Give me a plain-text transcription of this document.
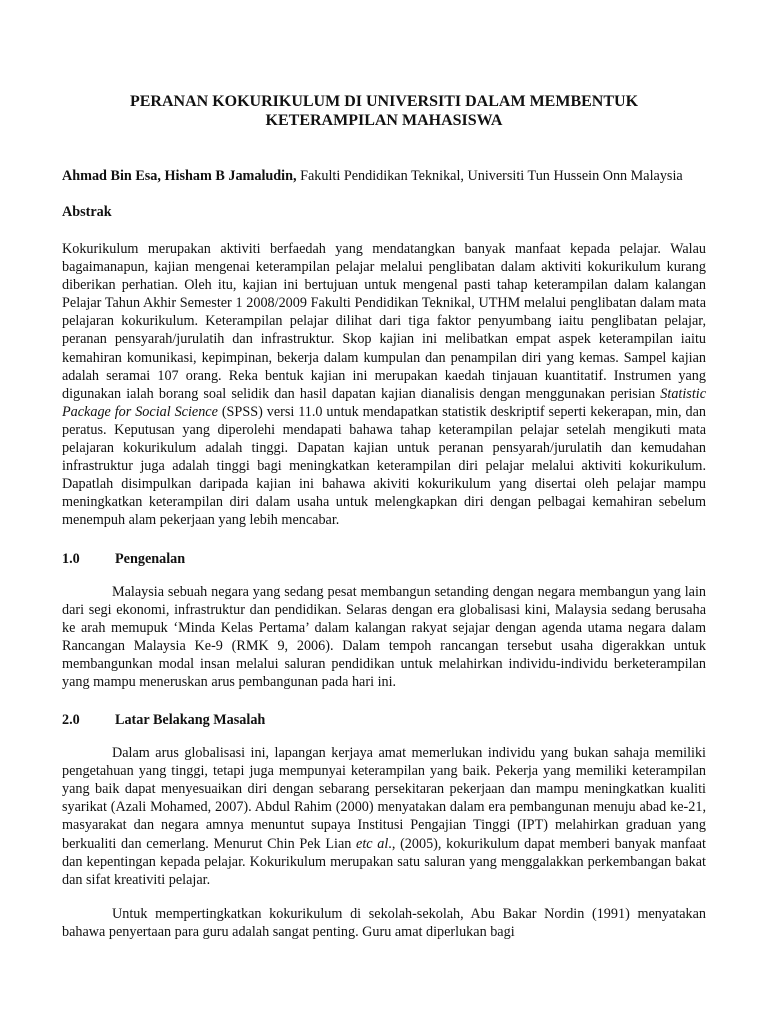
PERANAN KOKURIKULUM DI UNIVERSITI DALAM MEMBENTUK
KETERAMPILAN MAHASISWA
Ahmad Bin Esa, Hisham B Jamaludin, Fakulti Pendidikan Teknikal, Universiti Tun Hussein Onn Malaysia
Abstrak

Kokurikulum merupakan aktiviti berfaedah yang mendatangkan banyak manfaat kepada pelajar. Walau bagaimanapun, kajian mengenai keterampilan pelajar melalui penglibatan dalam aktiviti kokurikulum kurang diberikan perhatian. Oleh itu, kajian ini bertujuan untuk mengenal pasti tahap keterampilan dalam kalangan Pelajar Tahun Akhir Semester 1 2008/2009 Fakulti Pendidikan Teknikal, UTHM melalui penglibatan dalam mata pelajaran kokurikulum. Keterampilan pelajar dilihat dari tiga faktor penyumbang iaitu penglibatan pelajar, peranan pensyarah/jurulatih dan infrastruktur. Skop kajian ini melibatkan empat aspek keterampilan iaitu kemahiran komunikasi, kepimpinan, bekerja dalam kumpulan dan penampilan diri yang kemas. Sampel kajian adalah seramai 107 orang. Reka bentuk kajian ini merupakan kaedah tinjauan kuantitatif. Instrumen yang digunakan ialah borang soal selidik dan hasil dapatan kajian dianalisis dengan menggunakan perisian Statistic Package for Social Science (SPSS) versi 11.0 untuk mendapatkan statistik deskriptif seperti kekerapan, min, dan peratus. Keputusan yang diperolehi mendapati bahawa tahap keterampilan pelajar setelah mengikuti mata pelajaran kokurikulum adalah tinggi. Dapatan kajian untuk peranan pensyarah/jurulatih dan kemudahan infrastruktur juga adalah tinggi bagi meningkatkan keterampilan diri pelajar melalui aktiviti kokurikulum. Dapatlah disimpulkan daripada kajian ini bahawa akiviti kokurikulum yang disertai oleh pelajar mampu meningkatkan keterampilan diri dalam usaha untuk melengkapkan diri dengan pelbagai kemahiran sebelum menempuh alam pekerjaan yang lebih mencabar.

1.0	Pengenalan

Malaysia sebuah negara yang sedang pesat membangun setanding dengan negara membangun yang lain dari segi ekonomi, infrastruktur dan pendidikan. Selaras dengan era globalisasi kini, Malaysia sedang berusaha ke arah memupuk ‘Minda Kelas Pertama’ dalam kalangan rakyat sejajar dengan agenda utama negara dalam Rancangan Malaysia Ke-9 (RMK 9, 2006). Dalam tempoh rancangan tersebut usaha digerakkan untuk membangunkan modal insan melalui saluran pendidikan untuk melahirkan individu-individu berketerampilan yang mampu meneruskan arus pembangunan pada hari ini.

2.0	Latar Belakang Masalah

Dalam arus globalisasi ini, lapangan kerjaya amat memerlukan individu yang bukan sahaja memiliki pengetahuan yang tinggi, tetapi juga mempunyai keterampilan yang baik. Pekerja yang memiliki keterampilan yang baik dapat menyesuaikan diri dengan sebarang persekitaran pekerjaan dan mampu meningkatkan kualiti syarikat (Azali Mohamed, 2007). Abdul Rahim (2000) menyatakan dalam era pembangunan menuju abad ke-21, masyarakat dan negara amnya menuntut supaya Institusi Pengajian Tinggi (IPT) melahirkan graduan yang berkualiti dan cemerlang. Menurut Chin Pek Lian etc al., (2005), kokurikulum dapat memberi banyak manfaat dan kepentingan kepada pelajar. Kokurikulum merupakan satu saluran yang menggalakkan perkembangan bakat dan sifat kreativiti pelajar.

Untuk mempertingkatkan kokurikulum di sekolah-sekolah, Abu Bakar Nordin (1991) menyatakan bahawa penyertaan para guru adalah sangat penting. Guru amat diperlukan bagi
